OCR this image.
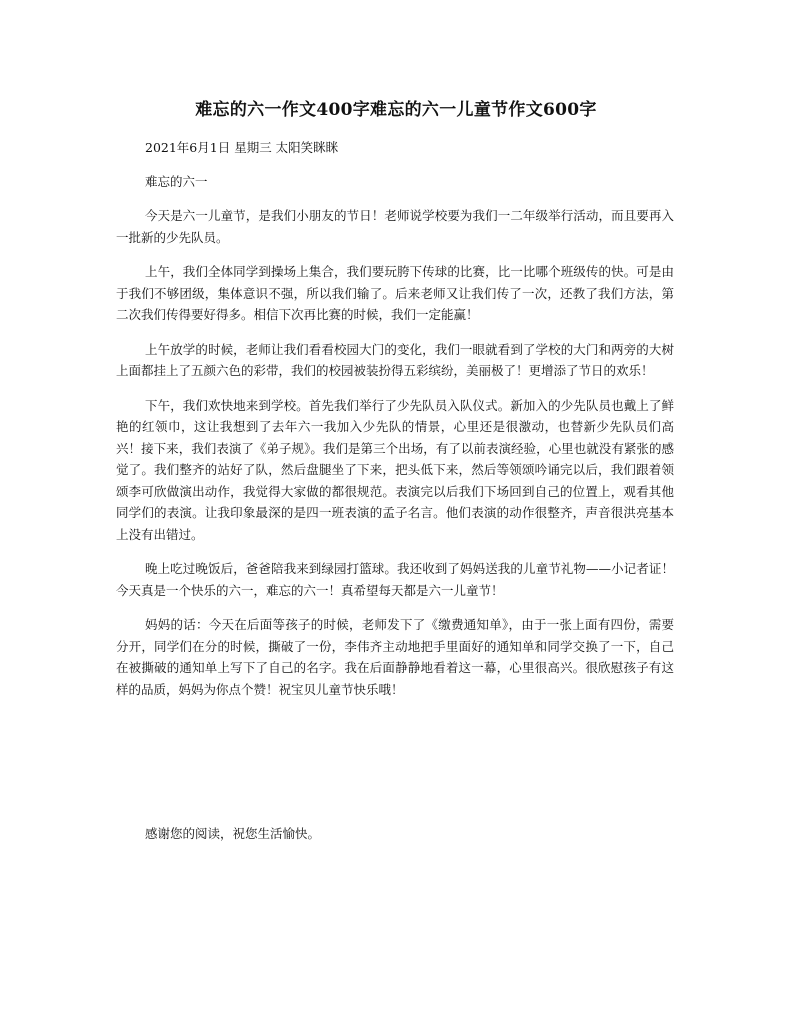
难忘的六一作文400字难忘的六一儿童节作文600字

2021年6月1日 星期三 太阳笑眯眯

难忘的六一

今天是六一儿童节，是我们小朋友的节日！老师说学校要为我们一二年级举行活动，而且要再入一批新的少先队员。

上午，我们全体同学到操场上集合，我们要玩胯下传球的比赛，比一比哪个班级传的快。可是由于我们不够团级，集体意识不强，所以我们输了。后来老师又让我们传了一次，还教了我们方法，第二次我们传得要好得多。相信下次再比赛的时候，我们一定能赢！

上午放学的时候，老师让我们看看校园大门的变化，我们一眼就看到了学校的大门和两旁的大树上面都挂上了五颜六色的彩带，我们的校园被装扮得五彩缤纷，美丽极了！更增添了节日的欢乐！

下午，我们欢快地来到学校。首先我们举行了少先队员入队仪式。新加入的少先队员也戴上了鲜艳的红领巾，这让我想到了去年六一我加入少先队的情景，心里还是很激动，也替新少先队员们高兴！接下来，我们表演了《弟子规》。我们是第三个出场，有了以前表演经验，心里也就没有紧张的感觉了。我们整齐的站好了队，然后盘腿坐了下来，把头低下来，然后等领颂吟诵完以后，我们跟着领颂李可欣做演出动作，我觉得大家做的都很规范。表演完以后我们下场回到自己的位置上，观看其他同学们的表演。让我印象最深的是四一班表演的孟子名言。他们表演的动作很整齐，声音很洪亮基本上没有出错过。

晚上吃过晚饭后，爸爸陪我来到绿园打篮球。我还收到了妈妈送我的儿童节礼物——小记者证！今天真是一个快乐的六一，难忘的六一！真希望每天都是六一儿童节！

妈妈的话：今天在后面等孩子的时候，老师发下了《缴费通知单》，由于一张上面有四份，需要分开，同学们在分的时候，撕破了一份，李伟齐主动地把手里面好的通知单和同学交换了一下，自己在被撕破的通知单上写下了自己的名字。我在后面静静地看着这一幕，心里很高兴。很欣慰孩子有这样的品质，妈妈为你点个赞！祝宝贝儿童节快乐哦！

感谢您的阅读，祝您生活愉快。
